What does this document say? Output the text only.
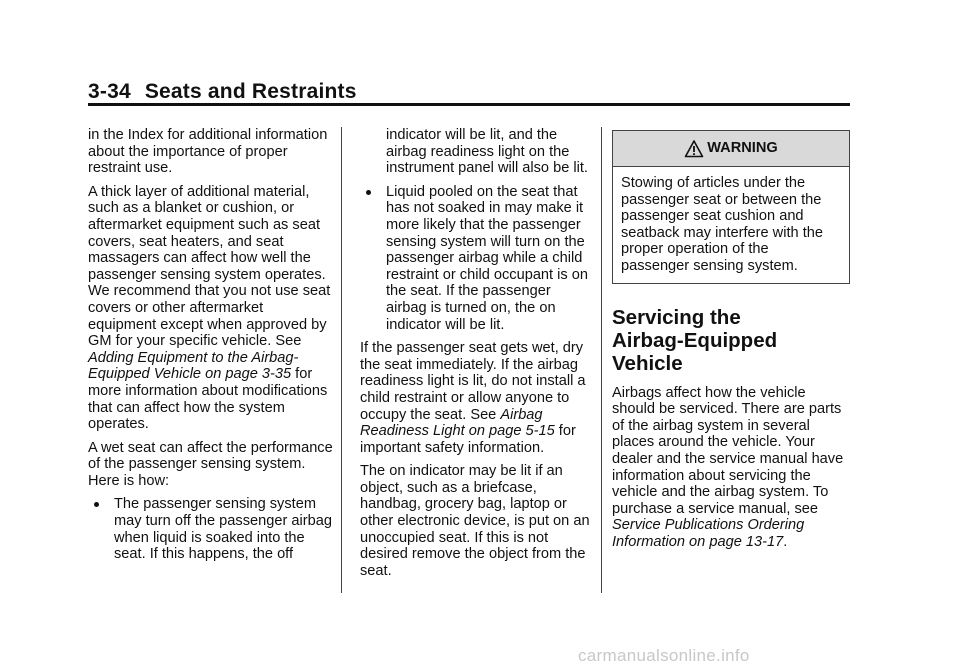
3-34 Seats and Restraints

in the Index for additional information about the importance of proper restraint use.

A thick layer of additional material, such as a blanket or cushion, or aftermarket equipment such as seat covers, seat heaters, and seat massagers can affect how well the passenger sensing system operates. We recommend that you not use seat covers or other aftermarket equipment except when approved by GM for your specific vehicle. See Adding Equipment to the Airbag-Equipped Vehicle on page 3-35 for more information about modifications that can affect how the system operates.

A wet seat can affect the performance of the passenger sensing system. Here is how:

The passenger sensing system may turn off the passenger airbag when liquid is soaked into the seat. If this happens, the off
indicator will be lit, and the airbag readiness light on the instrument panel will also be lit.
Liquid pooled on the seat that has not soaked in may make it more likely that the passenger sensing system will turn on the passenger airbag while a child restraint or child occupant is on the seat. If the passenger airbag is turned on, the on indicator will be lit.

If the passenger seat gets wet, dry the seat immediately. If the airbag readiness light is lit, do not install a child restraint or allow anyone to occupy the seat. See Airbag Readiness Light on page 5-15 for important safety information.

The on indicator may be lit if an object, such as a briefcase, handbag, grocery bag, laptop or other electronic device, is put on an unoccupied seat. If this is not desired remove the object from the seat.

WARNING
Stowing of articles under the passenger seat or between the passenger seat cushion and seatback may interfere with the proper operation of the passenger sensing system.
Servicing the
Airbag-Equipped Vehicle

Airbags affect how the vehicle should be serviced. There are parts of the airbag system in several places around the vehicle. Your dealer and the service manual have information about servicing the vehicle and the airbag system. To purchase a service manual, see Service Publications Ordering Information on page 13-17.

carmanualsonline.info
